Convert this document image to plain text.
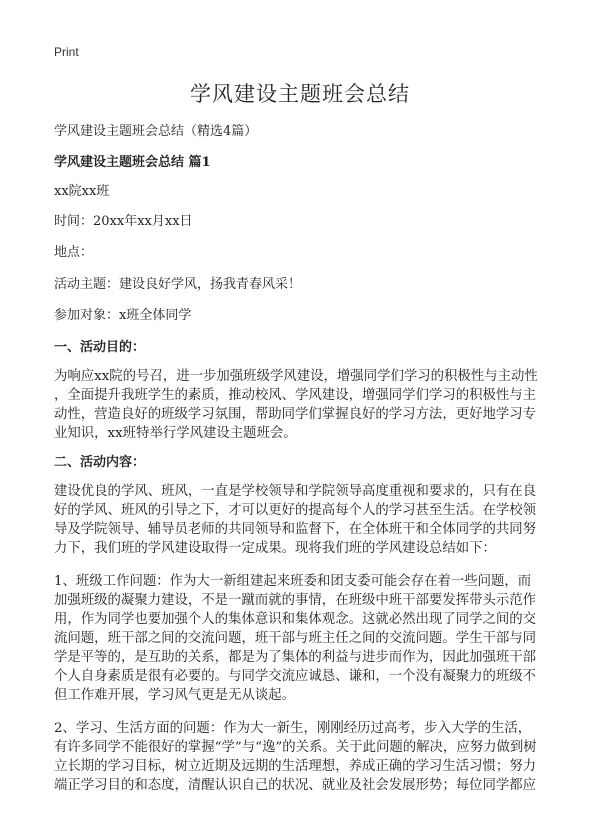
Print
学风建设主题班会总结
学风建设主题班会总结（精选4篇）
学风建设主题班会总结 篇1
xx院xx班
时间：20xx年xx月xx日
地点：
活动主题：建设良好学风，扬我青春风采！
参加对象：x班全体同学
一、活动目的：
为响应xx院的号召，进一步加强班级学风建设，增强同学们学习的积极性与主动性
，全面提升我班学生的素质，推动校风、学风建设，增强同学们学习的积极性与主
动性，营造良好的班级学习氛围，帮助同学们掌握良好的学习方法，更好地学习专
业知识，xx班特举行学风建设主题班会。
二、活动内容：
建设优良的学风、班风，一直是学校领导和学院领导高度重视和要求的，只有在良
好的学风、班风的引导之下，才可以更好的提高每个人的学习甚至生活。在学校领
导及学院领导、辅导员老师的共同领导和监督下，在全体班干和全体同学的共同努
力下，我们班的学风建设取得一定成果。现将我们班的学风建设总结如下：
1、班级工作问题：作为大一新组建起来班委和团支委可能会存在着一些问题，而
加强班级的凝聚力建设，不是一蹴而就的事情，在班级中班干部要发挥带头示范作
用，作为同学也要加强个人的集体意识和集体观念。这就必然出现了同学之间的交
流问题，班干部之间的交流问题，班干部与班主任之间的交流问题。学生干部与同
学是平等的，是互助的关系，都是为了集体的利益与进步而作为，因此加强班干部
个人自身素质是很有必要的。与同学交流应诚恳、谦和，一个没有凝聚力的班级不
但工作难开展，学习风气更是无从谈起。
2、学习、生活方面的问题：作为大一新生，刚刚经历过高考，步入大学的生活，
有许多同学不能很好的掌握“学”与“逸”的关系。关于此问题的解决，应努力做到树
立长期的学习目标，树立近期及远期的生活理想，养成正确的学习生活习惯；努力
端正学习目的和态度，清醒认识自己的状况、就业及社会发展形势；每位同学都应
